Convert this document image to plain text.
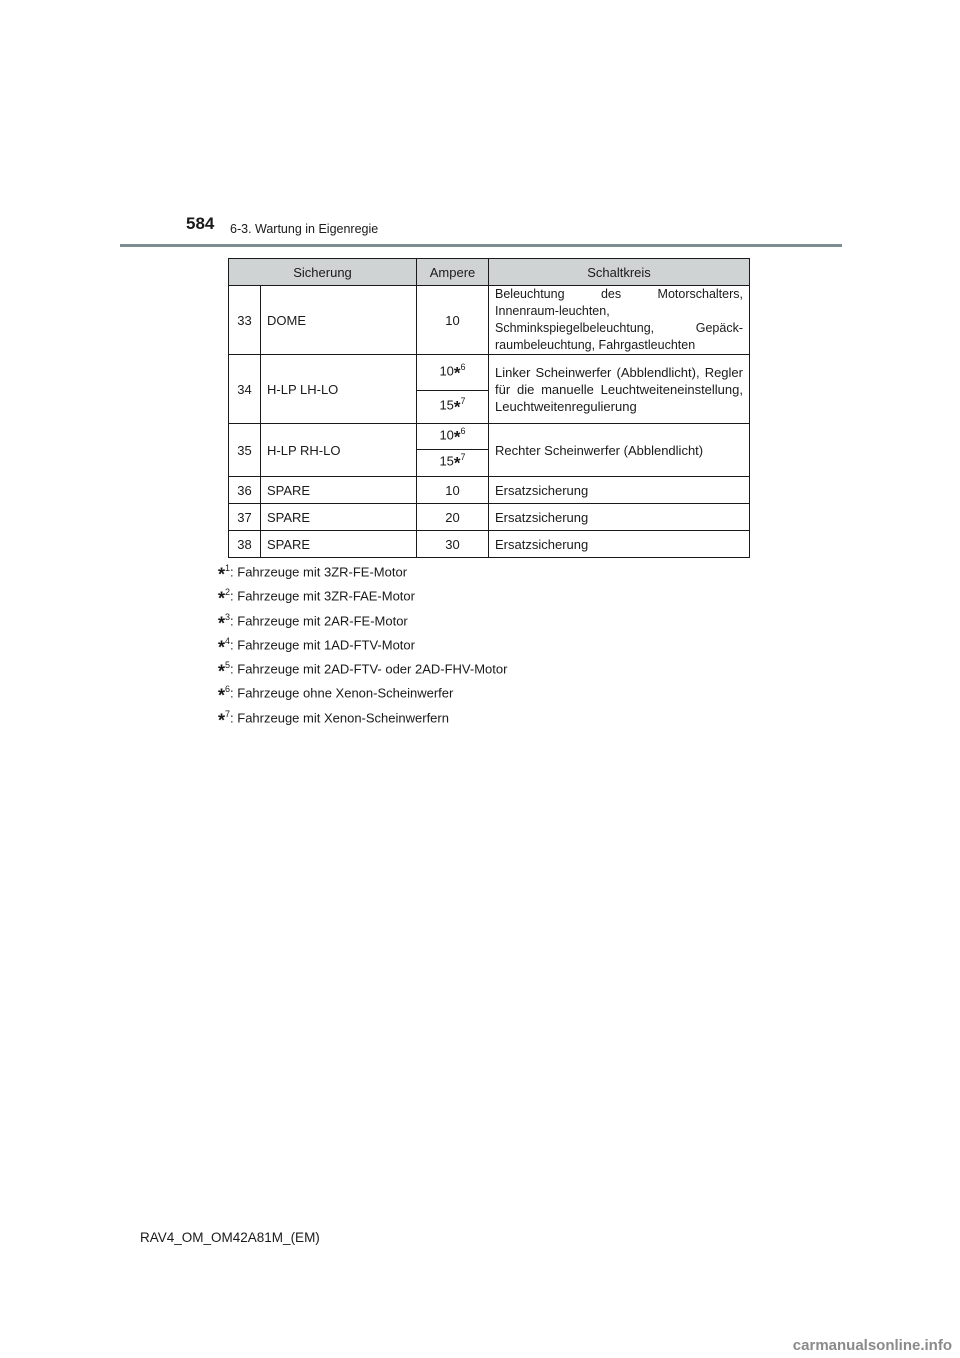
584 6-3. Wartung in Eigenregie
Sicherung		Ampere	Schaltkreis
33	DOME	10	Beleuchtung des Motorschalters, Innenraum-leuchten, Schminkspiegelbeleuchtung, Gepäck-raumbeleuchtung, Fahrgastleuchten
34	H-LP LH-LO	10*$^6$	Linker Scheinwerfer (Abblendlicht), Regler für die manuelle Leuchtweiteneinstellung, Leuchtweitenregulierung
		15*$^7$
35	H-LP RH-LO	10*$^6$	Rechter Scheinwerfer (Abblendlicht)
		15*$^7$
36	SPARE	10	Ersatzsicherung
37	SPARE	20	Ersatzsicherung
38	SPARE	30	Ersatzsicherung
*$^1$: Fahrzeuge mit 3ZR-FE-Motor
*$^2$: Fahrzeuge mit 3ZR-FAE-Motor
*$^3$: Fahrzeuge mit 2AR-FE-Motor
*$^4$: Fahrzeuge mit 1AD-FTV-Motor
*$^5$: Fahrzeuge mit 2AD-FTV- oder 2AD-FHV-Motor
*$^6$: Fahrzeuge ohne Xenon-Scheinwerfer
*$^7$: Fahrzeuge mit Xenon-Scheinwerfern
RAV4_OM_OM42A81M_(EM)
carmanualsonline.info
